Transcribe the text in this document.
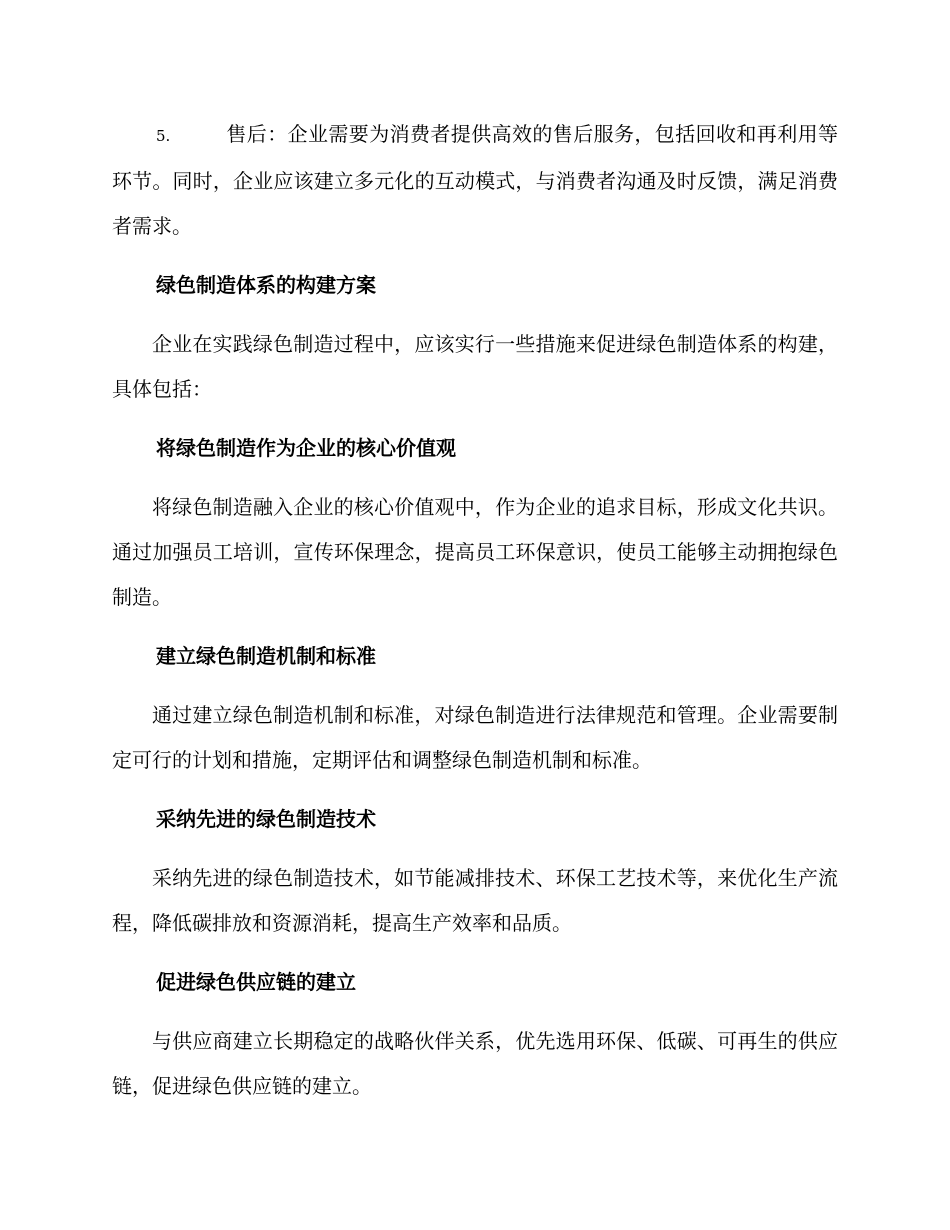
5.	售后：企业需要为消费者提供高效的售后服务，包括回收和再利用等环节。同时，企业应该建立多元化的互动模式，与消费者沟通及时反馈，满足消费者需求。

绿色制造体系的构建方案

企业在实践绿色制造过程中，应该实行一些措施来促进绿色制造体系的构建，具体包括：

将绿色制造作为企业的核心价值观

将绿色制造融入企业的核心价值观中，作为企业的追求目标，形成文化共识。通过加强员工培训，宣传环保理念，提高员工环保意识，使员工能够主动拥抱绿色制造。

建立绿色制造机制和标准

通过建立绿色制造机制和标准，对绿色制造进行法律规范和管理。企业需要制定可行的计划和措施，定期评估和调整绿色制造机制和标准。

采纳先进的绿色制造技术

采纳先进的绿色制造技术，如节能减排技术、环保工艺技术等，来优化生产流程，降低碳排放和资源消耗，提高生产效率和品质。

促进绿色供应链的建立

与供应商建立长期稳定的战略伙伴关系，优先选用环保、低碳、可再生的供应链，促进绿色供应链的建立。
